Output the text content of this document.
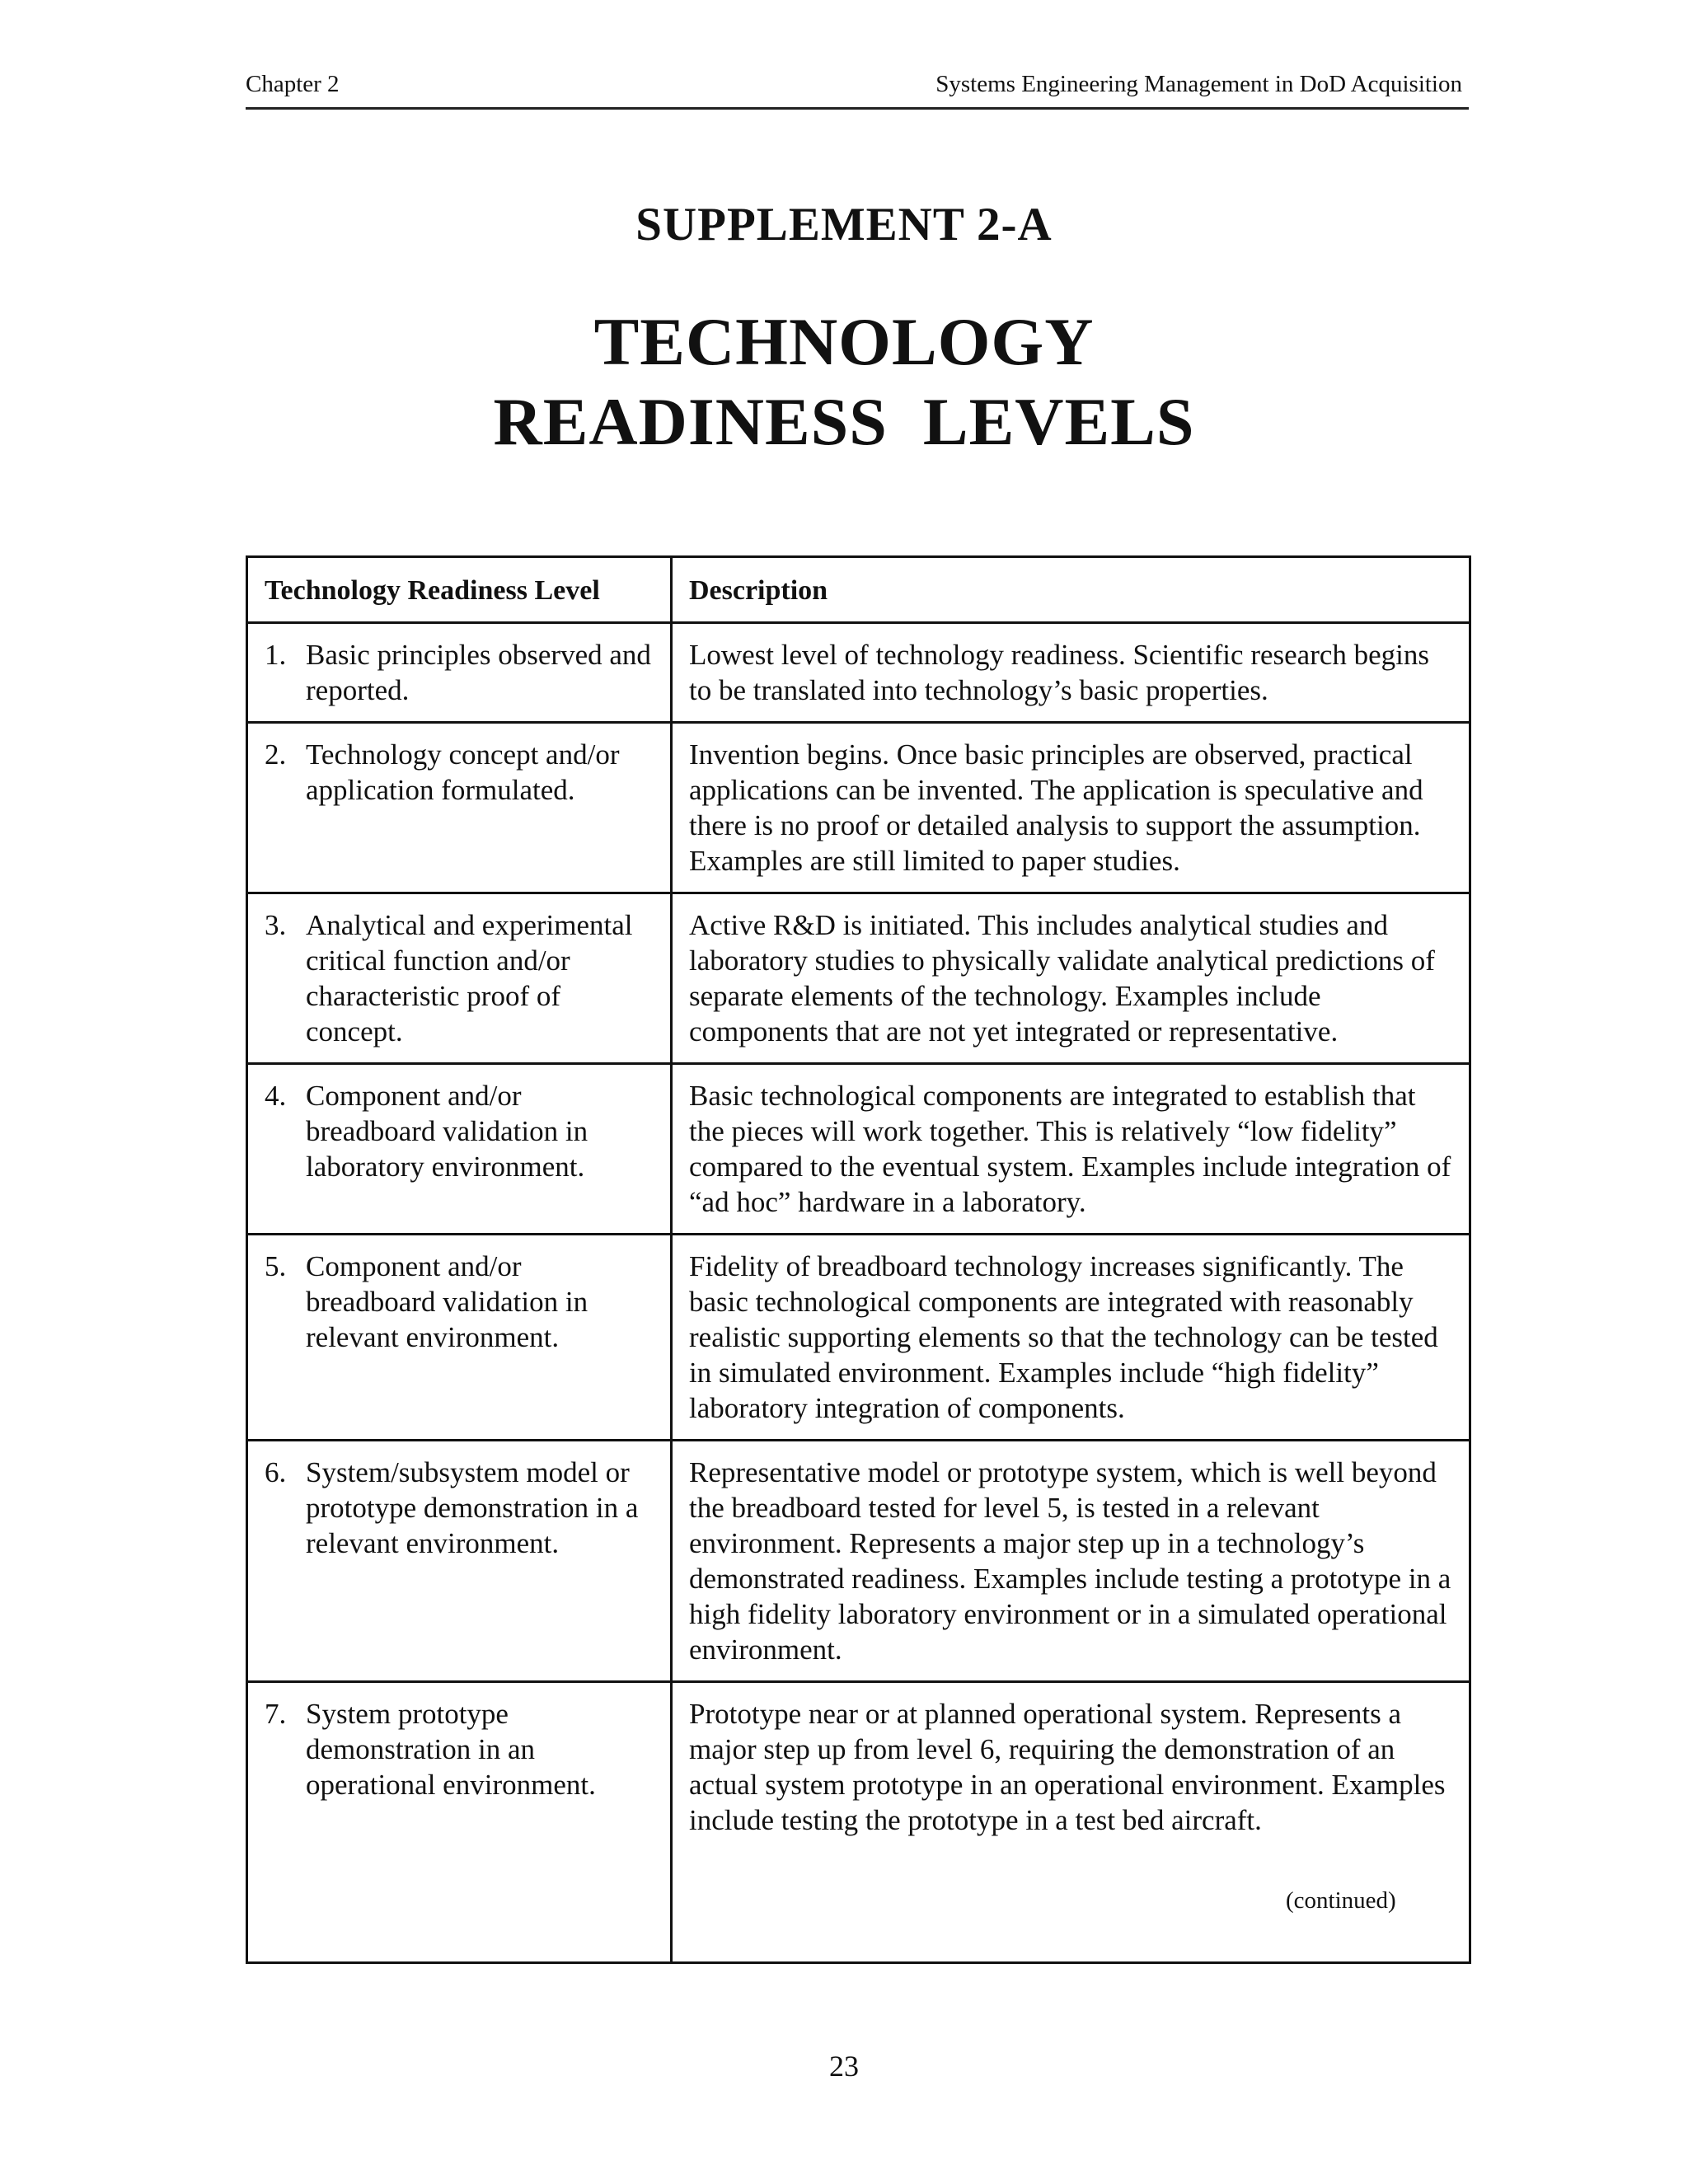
Chapter 2	Systems Engineering Management in DoD Acquisition
SUPPLEMENT 2-A
TECHNOLOGY
READINESS  LEVELS
Technology Readiness Level	Description

1. Basic principles observed and reported.	Lowest level of technology readiness. Scientific research begins to be translated into technology’s basic properties.

2. Technology concept and/or application formulated.	Invention begins. Once basic principles are observed, practical applications can be invented. The application is speculative and there is no proof or detailed analysis to support the assumption. Examples are still limited to paper studies.

3. Analytical and experimental critical function and/or characteristic proof of concept.	Active R&D is initiated. This includes analytical studies and laboratory studies to physically validate analytical predictions of separate elements of the technology. Examples include components that are not yet integrated or representative.

4. Component and/or breadboard validation in laboratory environment.	Basic technological components are integrated to establish that the pieces will work together. This is relatively “low fidelity” compared to the eventual system. Examples include integration of “ad hoc” hardware in a laboratory.

5. Component and/or breadboard validation in relevant environment.	Fidelity of breadboard technology increases significantly. The basic technological components are integrated with reasonably realistic supporting elements so that the technology can be tested in simulated environment. Examples include “high fidelity” laboratory integration of components.

6. System/subsystem model or prototype demonstration in a relevant environment.	Representative model or prototype system, which is well beyond the breadboard tested for level 5, is tested in a relevant environment. Represents a major step up in a technology’s demonstrated readiness. Examples include testing a prototype in a high fidelity laboratory environment or in a simulated operational environment.

7. System prototype demonstration in an operational environment.	Prototype near or at planned operational system. Represents a major step up from level 6, requiring the demonstration of an actual system prototype in an operational environment. Examples include testing the prototype in a test bed aircraft.
(continued)
23
